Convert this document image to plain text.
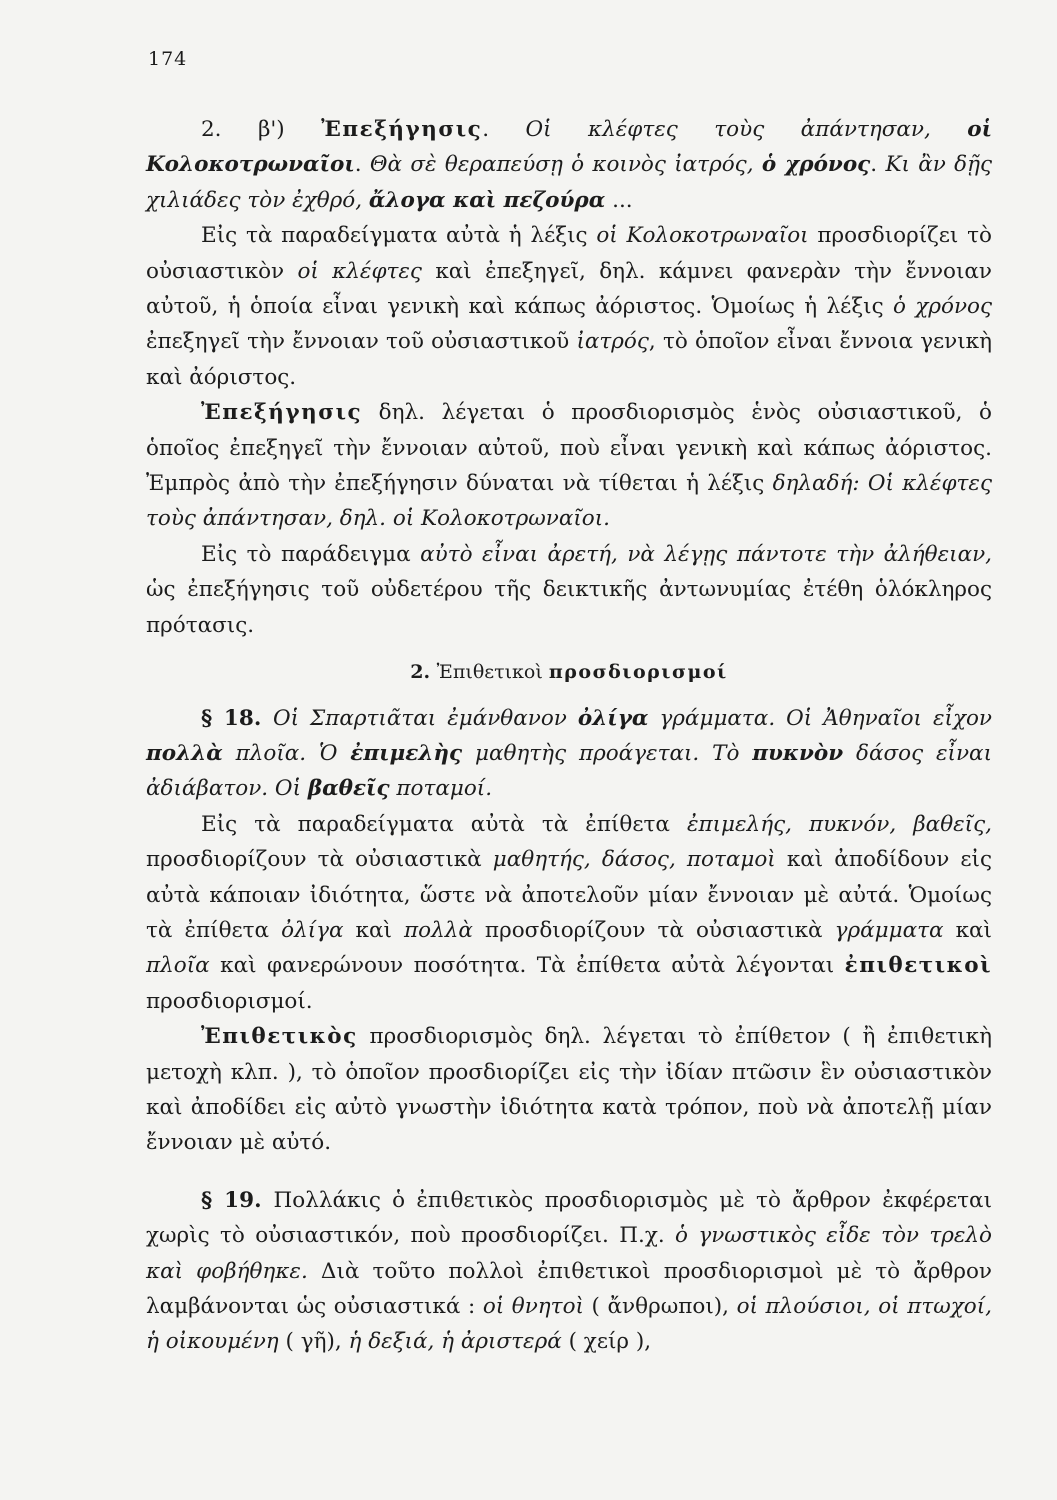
174

2. β') Ἐπεξήγησις. Οἱ κλέφτες τοὺς ἀπάντησαν, οἱ Κολοκοτρωναῖοι. Θὰ σὲ θεραπεύσῃ ὁ κοινὸς ἰατρός, ὁ χρόνος. Κι ἂν δῇς χιλιάδες τὸν ἐχθρό, ἄλογα καὶ πεζούρα ...

Εἰς τὰ παραδείγματα αὐτὰ ἡ λέξις οἱ Κολοκοτρωναῖοι προσδιορίζει τὸ οὐσιαστικὸν οἱ κλέφτες καὶ ἐπεξηγεῖ, δηλ. κάμνει φανερὰν τὴν ἔννοιαν αὐτοῦ, ἡ ὁποία εἶναι γενικὴ καὶ κάπως ἀόριστος. Ὁμοίως ἡ λέξις ὁ χρόνος ἐπεξηγεῖ τὴν ἔννοιαν τοῦ οὐσιαστικοῦ ἰατρός, τὸ ὁποῖον εἶναι ἔννοια γενικὴ καὶ ἀόριστος.

Ἐπεξήγησις δηλ. λέγεται ὁ προσδιορισμὸς ἑνὸς οὐσιαστικοῦ, ὁ ὁποῖος ἐπεξηγεῖ τὴν ἔννοιαν αὐτοῦ, ποὺ εἶναι γενικὴ καὶ κάπως ἀόριστος. Ἐμπρὸς ἀπὸ τὴν ἐπεξήγησιν δύναται νὰ τίθεται ἡ λέξις δηλαδή: Οἱ κλέφτες τοὺς ἀπάντησαν, δηλ. οἱ Κολοκοτρωναῖοι.

Εἰς τὸ παράδειγμα αὐτὸ εἶναι ἀρετή, νὰ λέγῃς πάντοτε τὴν ἀλήθειαν, ὡς ἐπεξήγησις τοῦ οὐδετέρου τῆς δεικτικῆς ἀντωνυμίας ἐτέθη ὁλόκληρος πρότασις.

2. Ἐπιθετικοὶ προσδιορισμοί

§ 18. Οἱ Σπαρτιᾶται ἐμάνθανον ὀλίγα γράμματα. Οἱ Ἀθηναῖοι εἶχον πολλὰ πλοῖα. Ὁ ἐπιμελὴς μαθητὴς προάγεται. Τὸ πυκνὸν δάσος εἶναι ἀδιάβατον. Οἱ βαθεῖς ποταμοί.

Εἰς τὰ παραδείγματα αὐτὰ τὰ ἐπίθετα ἐπιμελής, πυκνόν, βαθεῖς, προσδιορίζουν τὰ οὐσιαστικὰ μαθητής, δάσος, ποταμοὶ καὶ ἀποδίδουν εἰς αὐτὰ κάποιαν ἰδιότητα, ὥστε νὰ ἀποτελοῦν μίαν ἔννοιαν μὲ αὐτά. Ὁμοίως τὰ ἐπίθετα ὀλίγα καὶ πολλὰ προσδιορίζουν τὰ οὐσιαστικὰ γράμματα καὶ πλοῖα καὶ φανερώνουν ποσότητα. Τὰ ἐπίθετα αὐτὰ λέγονται ἐπιθετικοὶ προσδιορισμοί.

Ἐπιθετικὸς προσδιορισμὸς δηλ. λέγεται τὸ ἐπίθετον ( ἢ ἐπιθετικὴ μετοχὴ κλπ. ), τὸ ὁποῖον προσδιορίζει εἰς τὴν ἰδίαν πτῶσιν ἓν οὐσιαστικὸν καὶ ἀποδίδει εἰς αὐτὸ γνωστὴν ἰδιότητα κατὰ τρόπον, ποὺ νὰ ἀποτελῇ μίαν ἔννοιαν μὲ αὐτό.

§ 19. Πολλάκις ὁ ἐπιθετικὸς προσδιορισμὸς μὲ τὸ ἄρθρον ἐκφέρεται χωρὶς τὸ οὐσιαστικόν, ποὺ προσδιορίζει. Π.χ. ὁ γνωστικὸς εἶδε τὸν τρελὸ καὶ φοβήθηκε. Διὰ τοῦτο πολλοὶ ἐπιθετικοὶ προσδιορισμοὶ μὲ τὸ ἄρθρον λαμβάνονται ὡς οὐσιαστικά : οἱ θνητοὶ ( ἄνθρωποι), οἱ πλούσιοι, οἱ πτωχοί, ἡ οἰκουμένη ( γῆ), ἡ δεξιά, ἡ ἀριστερά ( χείρ ),
